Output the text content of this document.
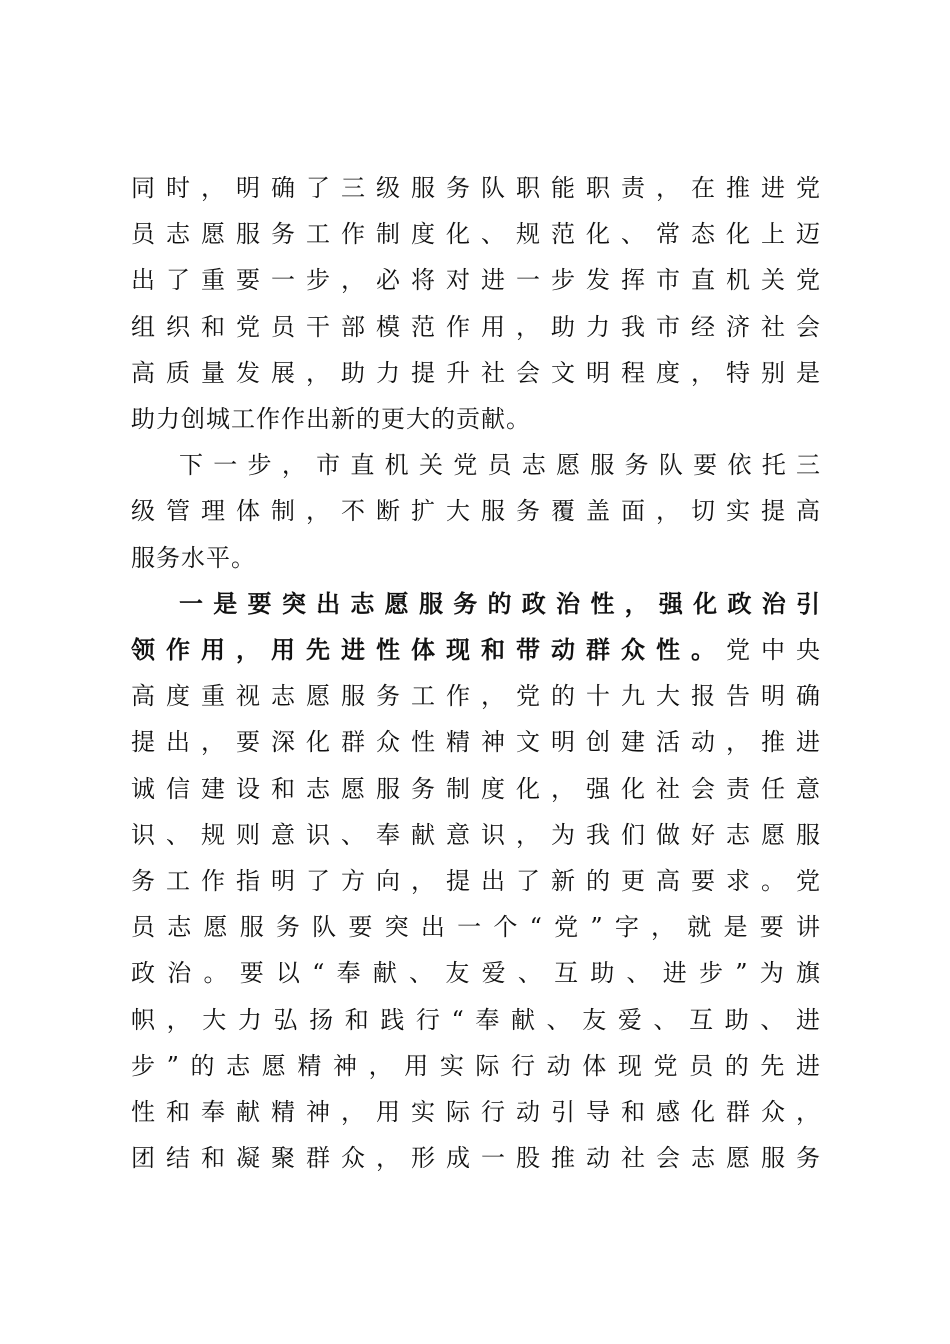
同时，明确了三级服务队职能职责，在推进党
员志愿服务工作制度化、规范化、常态化上迈
出了重要一步，必将对进一步发挥市直机关党
组织和党员干部模范作用，助力我市经济社会
高质量发展，助力提升社会文明程度，特别是
助力创城工作作出新的更大的贡献。
下一步，市直机关党员志愿服务队要依托三
级管理体制，不断扩大服务覆盖面，切实提高
服务水平。
一是要突出志愿服务的政治性，强化政治引
领作用，用先进性体现和带动群众性。党中央
高度重视志愿服务工作，党的十九大报告明确
提出，要深化群众性精神文明创建活动，推进
诚信建设和志愿服务制度化，强化社会责任意
识、规则意识、奉献意识，为我们做好志愿服
务工作指明了方向，提出了新的更高要求。党
员志愿服务队要突出一个“党”字，就是要讲
政治。要以“奉献、友爱、互助、进步”为旗
帜，大力弘扬和践行“奉献、友爱、互助、进
步”的志愿精神，用实际行动体现党员的先进
性和奉献精神，用实际行动引导和感化群众，
团结和凝聚群众，形成一股推动社会志愿服务
